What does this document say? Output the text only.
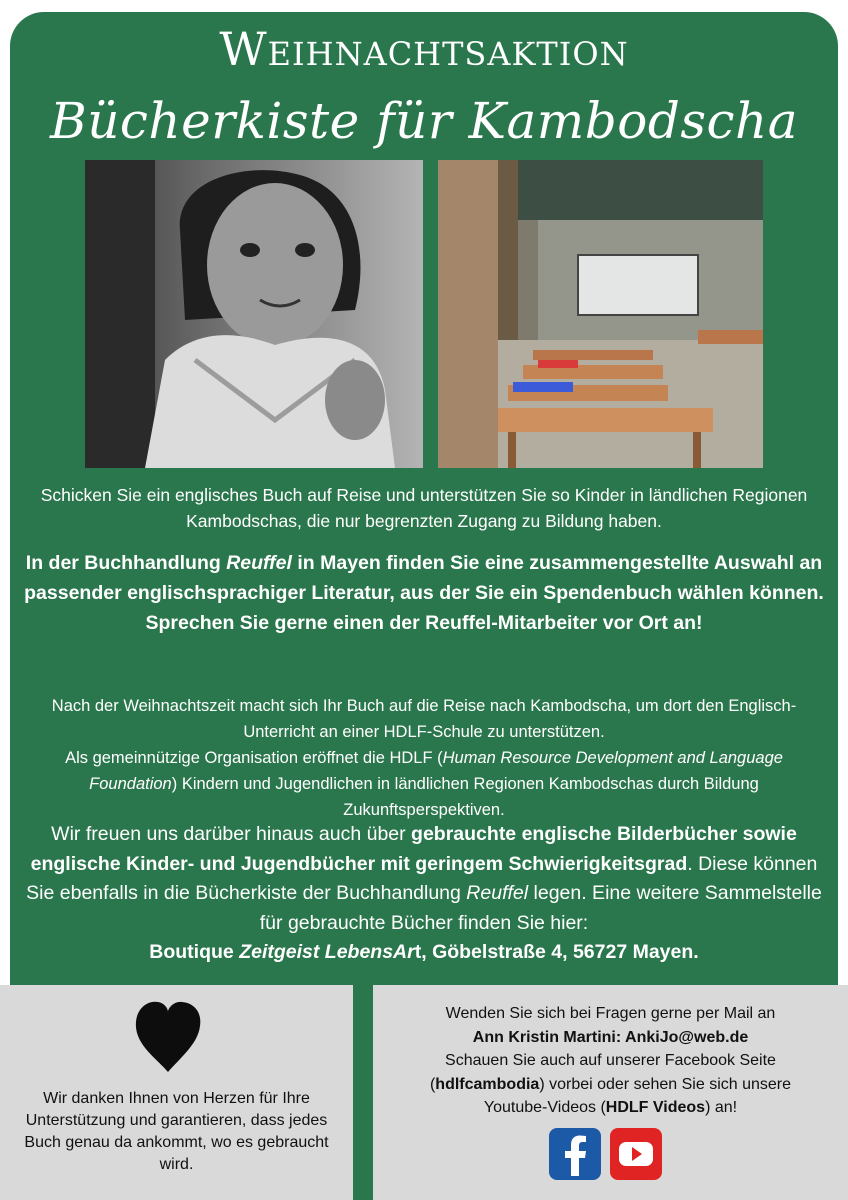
Weihnachtsaktion
Bücherkiste für Kambodscha
Schicken Sie ein englisches Buch auf Reise und unterstützen Sie so Kinder in ländlichen Regionen Kambodschas, die nur begrenzten Zugang zu Bildung haben.
In der Buchhandlung Reuffel in Mayen finden Sie eine zusammengestellte Auswahl an passender englischsprachiger Literatur, aus der Sie ein Spendenbuch wählen können. Sprechen Sie gerne einen der Reuffel-Mitarbeiter vor Ort an!
Nach der Weihnachtszeit macht sich Ihr Buch auf die Reise nach Kambodscha, um dort den Englisch-Unterricht an einer HDLF-Schule zu unterstützen.
Als gemeinnützige Organisation eröffnet die HDLF (Human Resource Development and Language Foundation) Kindern und Jugendlichen in ländlichen Regionen Kambodschas durch Bildung Zukunftsperspektiven.
Wir freuen uns darüber hinaus auch über gebrauchte englische Bilderbücher sowie englische Kinder- und Jugendbücher mit geringem Schwierigkeitsgrad. Diese können Sie ebenfalls in die Bücherkiste der Buchhandlung Reuffel legen. Eine weitere Sammelstelle für gebrauchte Bücher finden Sie hier:
Boutique Zeitgeist LebensArt, Göbelstraße 4, 56727 Mayen.
Wir danken Ihnen von Herzen für Ihre Unterstützung und garantieren, dass jedes Buch genau da ankommt, wo es gebraucht wird.
Wenden Sie sich bei Fragen gerne per Mail an
Ann Kristin Martini: AnkiJo@web.de
Schauen Sie auch auf unserer Facebook Seite
(hdlfcambodia) vorbei oder sehen Sie sich unsere
Youtube-Videos (HDLF Videos) an!
